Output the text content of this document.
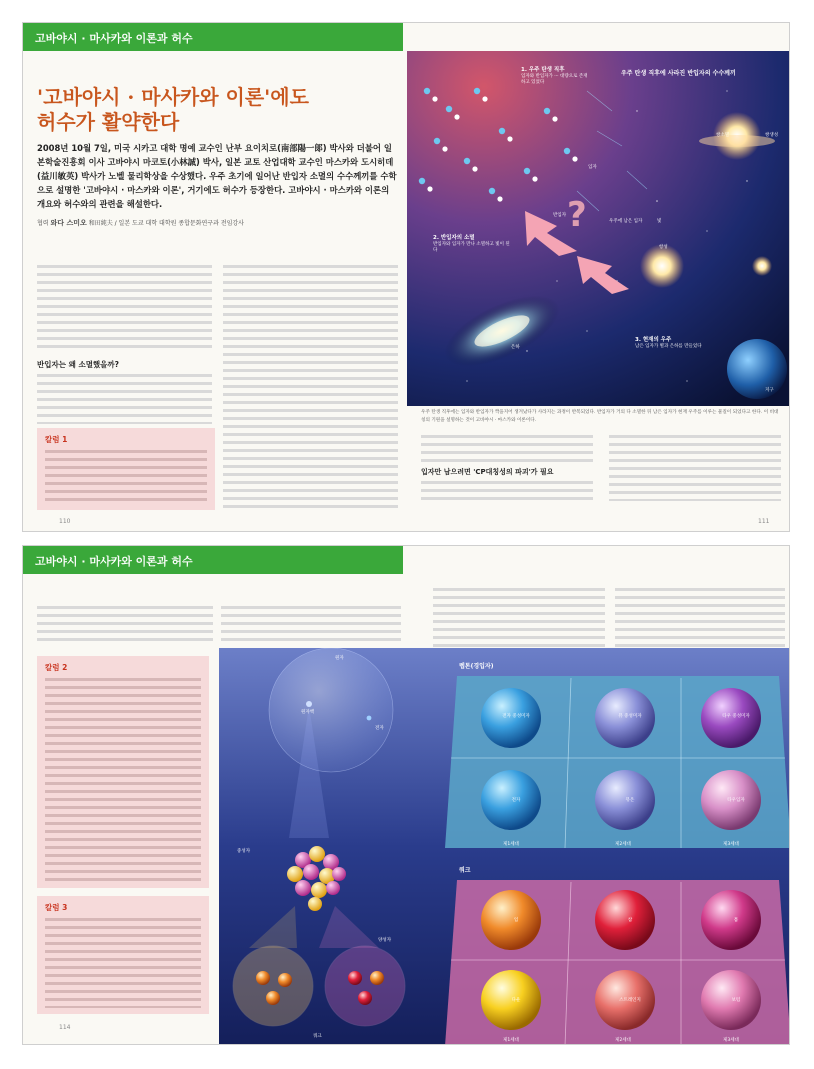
고바야시 · 마사카와 이론과 허수
'고바야시 · 마사카와 이론'에도
허수가 활약한다
2008년 10월 7일, 미국 시카고 대학 명예 교수인 난부 요이치로(南部陽一郞) 박사와 더불어 일본학술진흥회 이사 고바야시 마코토(小林誠) 박사, 일본 교토 산업대학 교수인 마스카와 도시히데(益川敏英) 박사가 노벨 물리학상을 수상했다. 우주 초기에 일어난 반입자 소멸의 수수께끼를 수학으로 설명한 '고바야시 · 마스카와 이론', 거기에도 허수가 등장한다. 고바야시 · 마스카와 이론의 개요와 허수와의 관련을 해설한다.
협력 와다 스미오 和田純夫 / 일본 도쿄 대학 대학원 종합문화연구과 전임강사
반입자는 왜 소멸했을까?
칼럼 1
110
?
우주 탄생 직후에 사라진 반입자의 수수께끼
1. 우주 탄생 직후
입자와 반입자가 ··· 대량으로 존재하고 있었다
2. 반입자의 소멸
반입자와 입자가 만나 소멸하고 빛이 된다
3. 현재의 우주
남은 입자가 별과 은하를 만들었다
입자
반입자
빛
우주에 남은 입자
쌍소멸	쌍생성
은하
항성
지구
우주 탄생 직후에는 입자와 반입자가 짝을지어 생겨났다가 사라지는 과정이 반복되었다. 반입자가 거의 다 소멸한 뒤 남은 입자가 현재 우주를 이루는 물질이 되었다고 한다. 이 비대칭의 기원을 설명하는 것이 고바야시 · 마스카와 이론이다.
입자만 남으려면 'CP대칭성의 파괴'가 필요
111
고바야시 · 마사카와 이론과 허수
칼럼 2
칼럼 3
114
원자
원자핵
전자
중성자
양성자
쿼크
렙톤(경입자)
쿼크
제1세대	제2세대	제3세대
제1세대	제2세대	제3세대
전자 중성미자	뮤 중성미자	타우 중성미자
전자	뮤온	타우입자
업	참	톱
다운	스트레인지	보텀
